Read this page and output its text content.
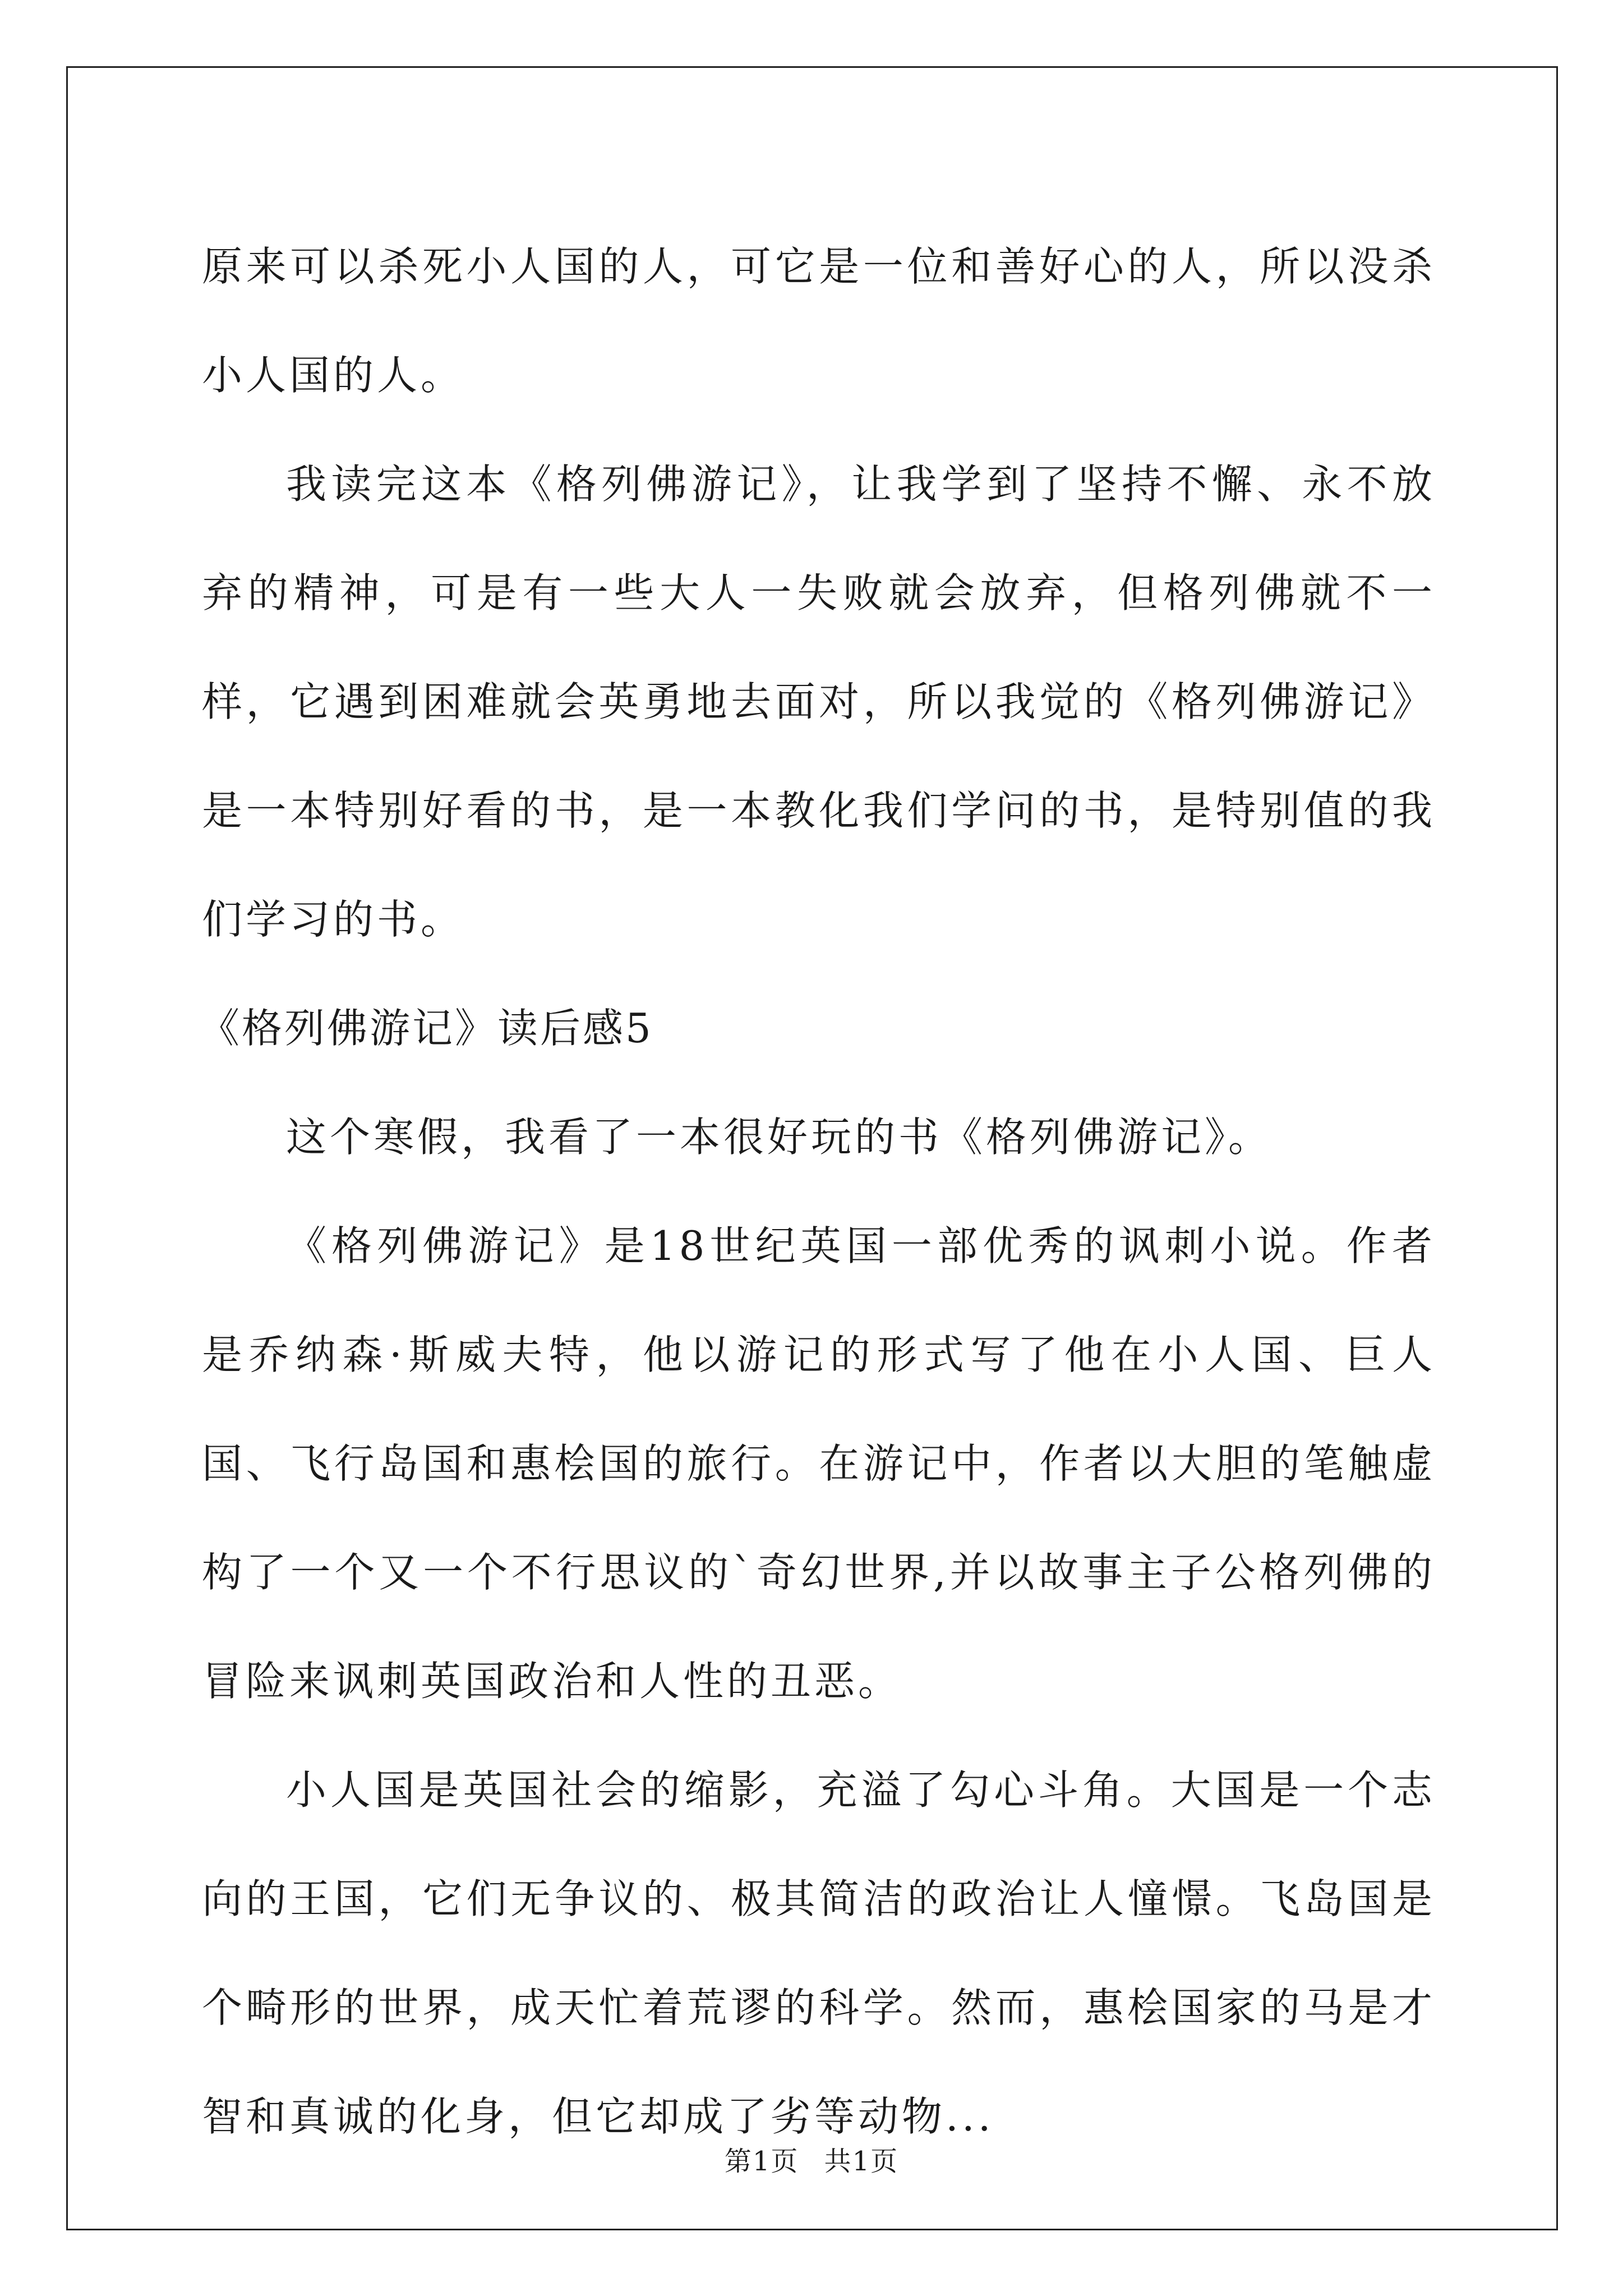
原来可以杀死小人国的人，可它是一位和善好心的人，所以没杀小人国的人。

我读完这本《格列佛游记》，让我学到了坚持不懈、永不放弃的精神，可是有一些大人一失败就会放弃，但格列佛就不一样，它遇到困难就会英勇地去面对，所以我觉的《格列佛游记》是一本特别好看的书，是一本教化我们学问的书，是特别值的我们学习的书。

《格列佛游记》读后感5

这个寒假，我看了一本很好玩的书《格列佛游记》。

《格列佛游记》是18世纪英国一部优秀的讽刺小说。作者是乔纳森·斯威夫特，他以游记的形式写了他在小人国、巨人国、飞行岛国和惠桧国的旅行。在游记中，作者以大胆的笔触虚构了一个又一个不行思议的`奇幻世界,并以故事主子公格列佛的冒险来讽刺英国政治和人性的丑恶。

小人国是英国社会的缩影，充溢了勾心斗角。大国是一个志向的王国，它们无争议的、极其简洁的政治让人憧憬。飞岛国是个畸形的世界，成天忙着荒谬的科学。然而，惠桧国家的马是才智和真诚的化身，但它却成了劣等动物...

第1页 共1页
